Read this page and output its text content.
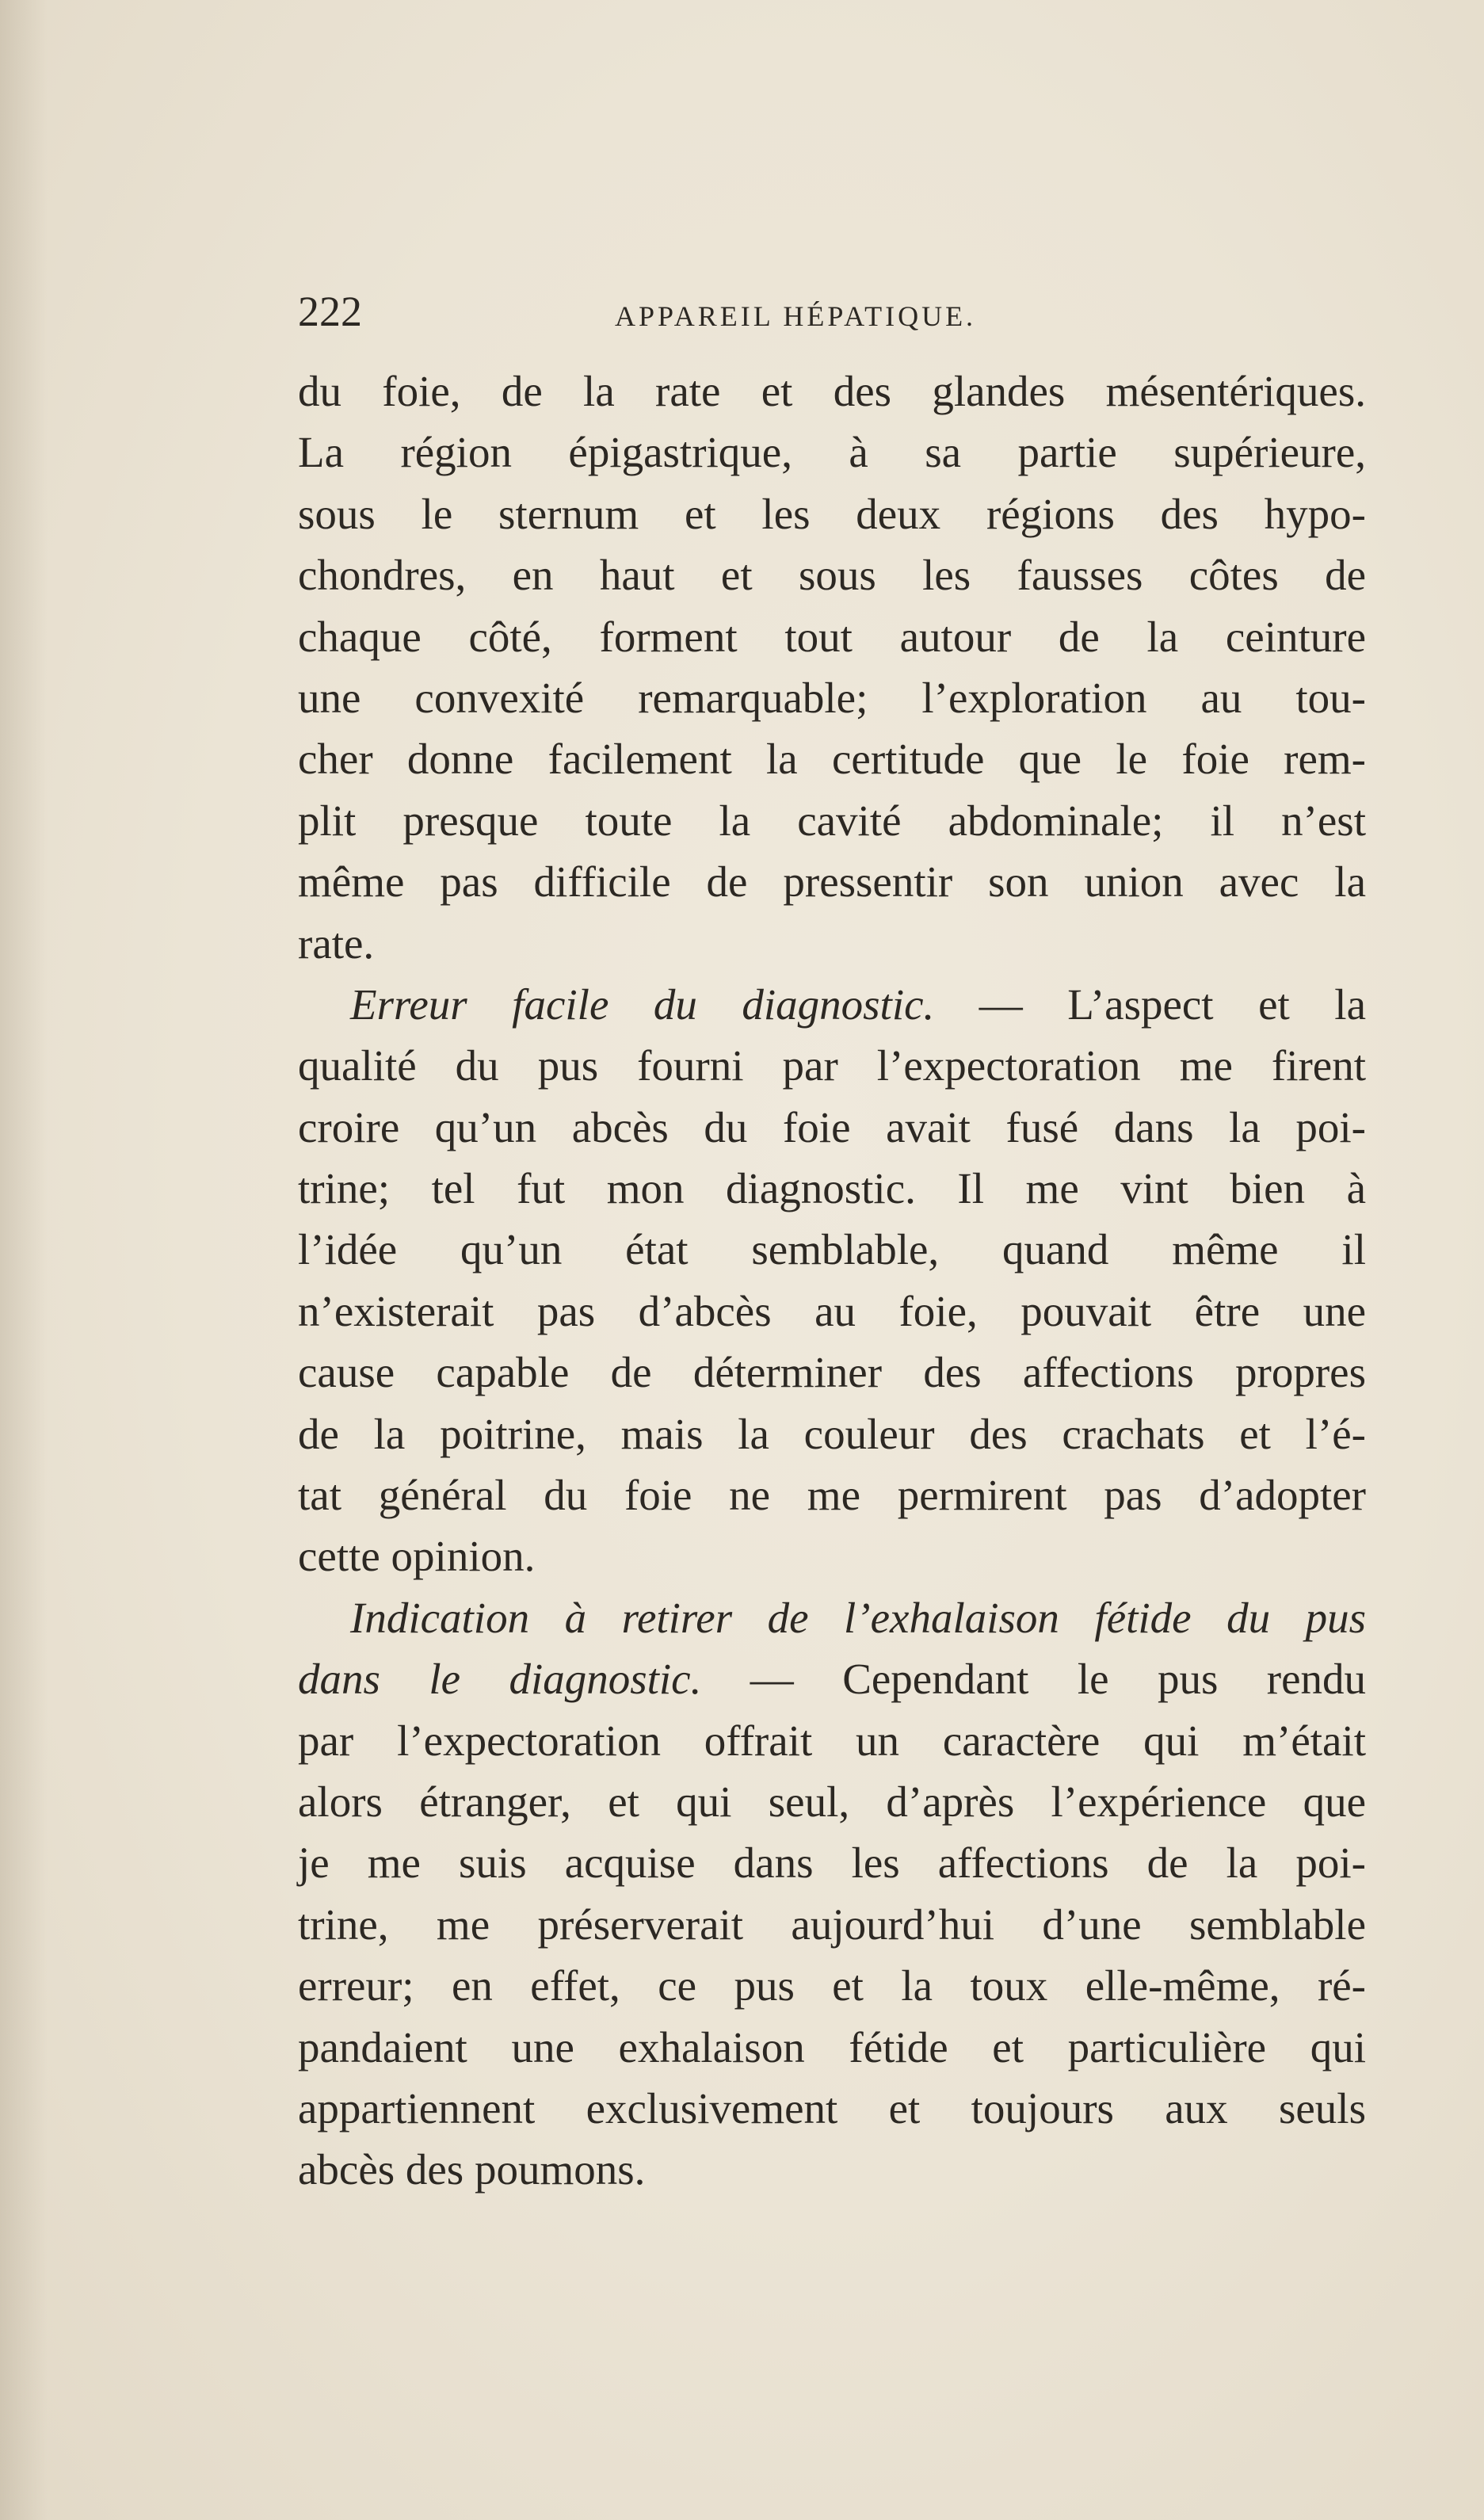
222	APPAREIL HÉPATIQUE.
du foie, de la rate et des glandes mésentériques.
La région épigastrique, à sa partie supérieure,
sous le sternum et les deux régions des hypo-
chondres, en haut et sous les fausses côtes de
chaque côté, forment tout autour de la ceinture
une convexité remarquable; l’exploration au tou-
cher donne facilement la certitude que le foie rem-
plit presque toute la cavité abdominale; il n’est
même pas difficile de pressentir son union avec la
rate.
Erreur facile du diagnostic. — L’aspect et la
qualité du pus fourni par l’expectoration me firent
croire qu’un abcès du foie avait fusé dans la poi-
trine; tel fut mon diagnostic. Il me vint bien à
l’idée qu’un état semblable, quand même il
n’existerait pas d’abcès au foie, pouvait être une
cause capable de déterminer des affections propres
de la poitrine, mais la couleur des crachats et l’é-
tat général du foie ne me permirent pas d’adopter
cette opinion.
Indication à retirer de l’exhalaison fétide du pus
dans le diagnostic. — Cependant le pus rendu
par l’expectoration offrait un caractère qui m’était
alors étranger, et qui seul, d’après l’expérience que
je me suis acquise dans les affections de la poi-
trine, me préserverait aujourd’hui d’une semblable
erreur; en effet, ce pus et la toux elle-même, ré-
pandaient une exhalaison fétide et particulière qui
appartiennent exclusivement et toujours aux seuls
abcès des poumons.
